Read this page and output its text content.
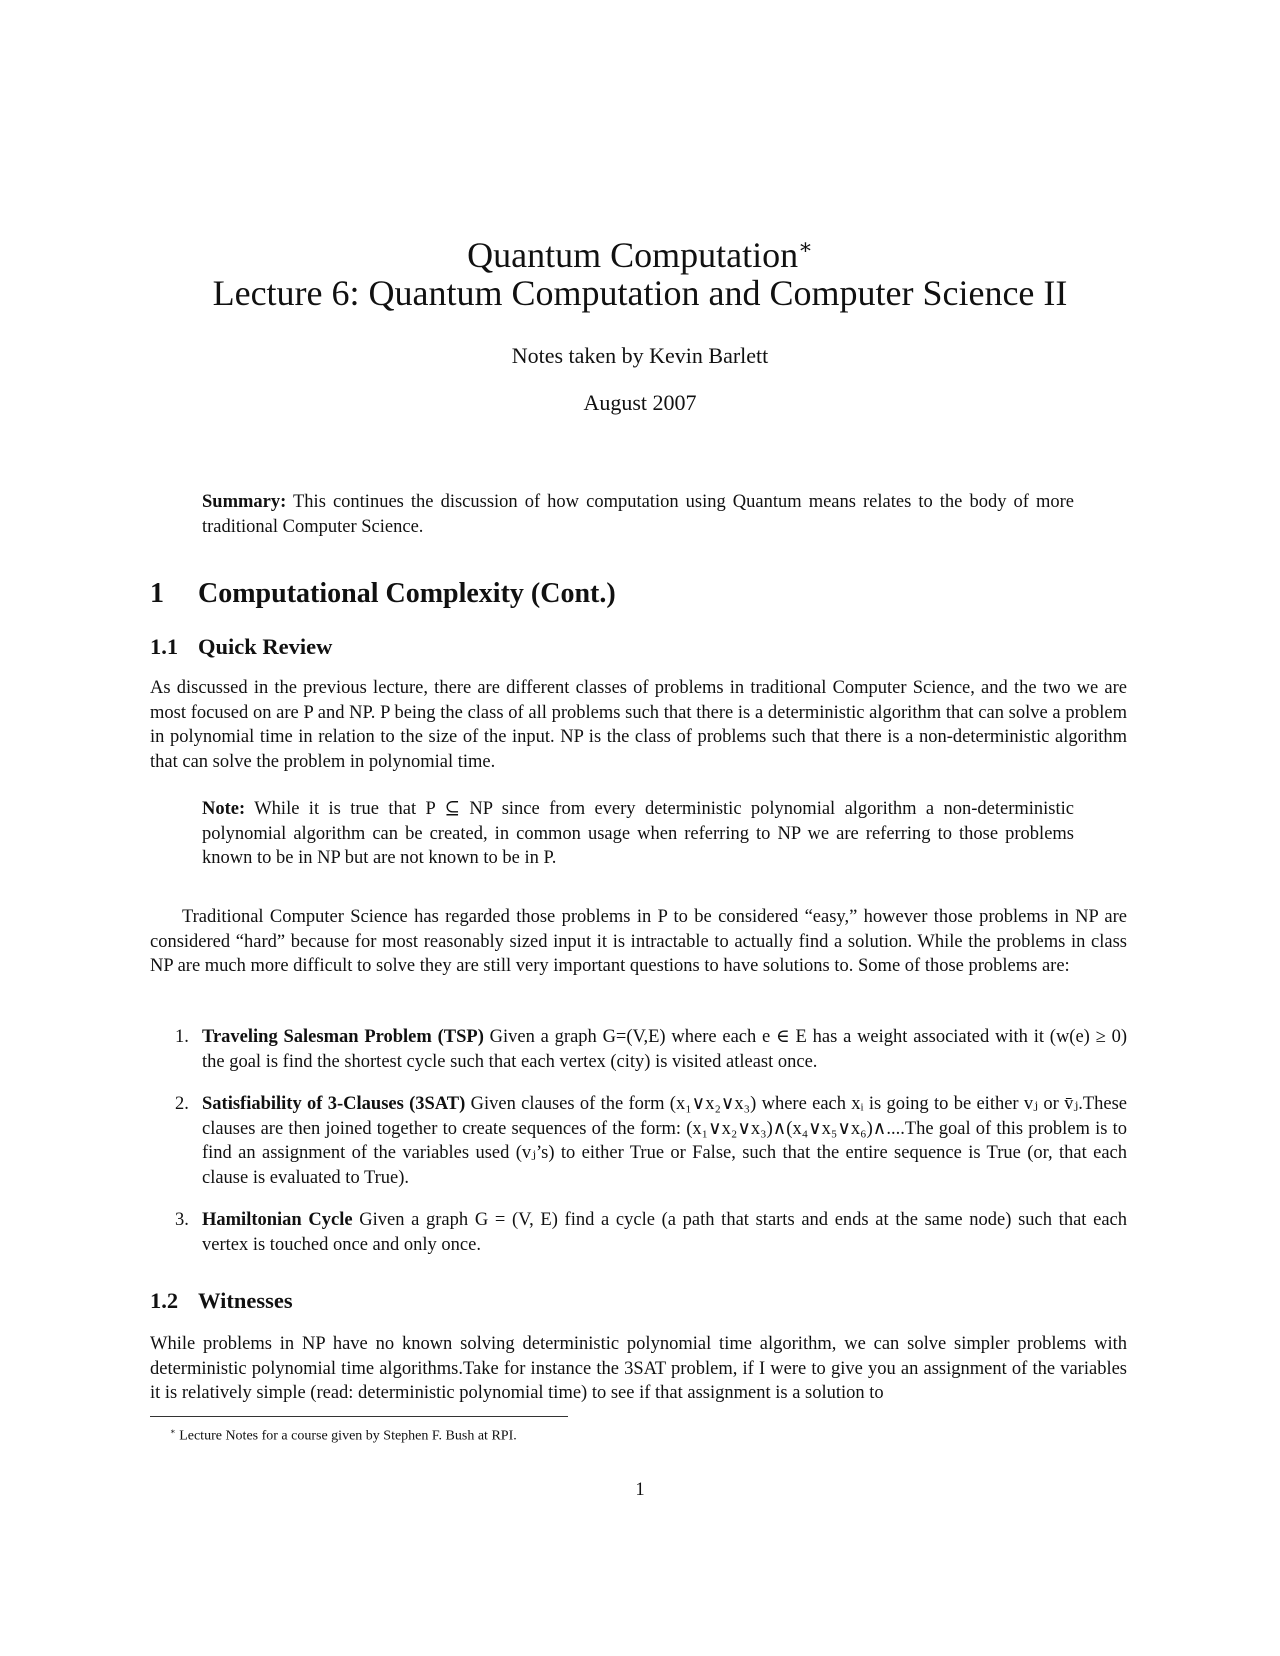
Quantum Computation∗
Lecture 6: Quantum Computation and Computer Science II
Notes taken by Kevin Barlett
August 2007
Summary: This continues the discussion of how computation using Quantum means relates to the body of more traditional Computer Science.
1 Computational Complexity (Cont.)
1.1 Quick Review
As discussed in the previous lecture, there are different classes of problems in traditional Computer Science, and the two we are most focused on are P and NP. P being the class of all problems such that there is a deterministic algorithm that can solve a problem in polynomial time in relation to the size of the input. NP is the class of problems such that there is a non-deterministic algorithm that can solve the problem in polynomial time.
Note: While it is true that P ⊆ NP since from every deterministic polynomial algorithm a non-deterministic polynomial algorithm can be created, in common usage when referring to NP we are referring to those problems known to be in NP but are not known to be in P.
Traditional Computer Science has regarded those problems in P to be considered “easy,” however those problems in NP are considered “hard” because for most reasonably sized input it is intractable to actually find a solution. While the problems in class NP are much more difficult to solve they are still very important questions to have solutions to. Some of those problems are:
1. Traveling Salesman Problem (TSP) Given a graph G=(V,E) where each e ∈ E has a weight associated with it (w(e) ≥ 0) the goal is find the shortest cycle such that each vertex (city) is visited atleast once.
2. Satisfiability of 3-Clauses (3SAT) Given clauses of the form (x₁∨x₂∨x₃) where each xᵢ is going to be either vⱼ or v̄ⱼ.These clauses are then joined together to create sequences of the form: (x₁∨x₂∨x₃)∧(x₄∨x₅∨x₆)∧....The goal of this problem is to find an assignment of the variables used (vⱼ’s) to either True or False, such that the entire sequence is True (or, that each clause is evaluated to True).
3. Hamiltonian Cycle Given a graph G = (V, E) find a cycle (a path that starts and ends at the same node) such that each vertex is touched once and only once.
1.2 Witnesses
While problems in NP have no known solving deterministic polynomial time algorithm, we can solve simpler problems with deterministic polynomial time algorithms.Take for instance the 3SAT problem, if I were to give you an assignment of the variables it is relatively simple (read: deterministic polynomial time) to see if that assignment is a solution to
∗ Lecture Notes for a course given by Stephen F. Bush at RPI.
1
